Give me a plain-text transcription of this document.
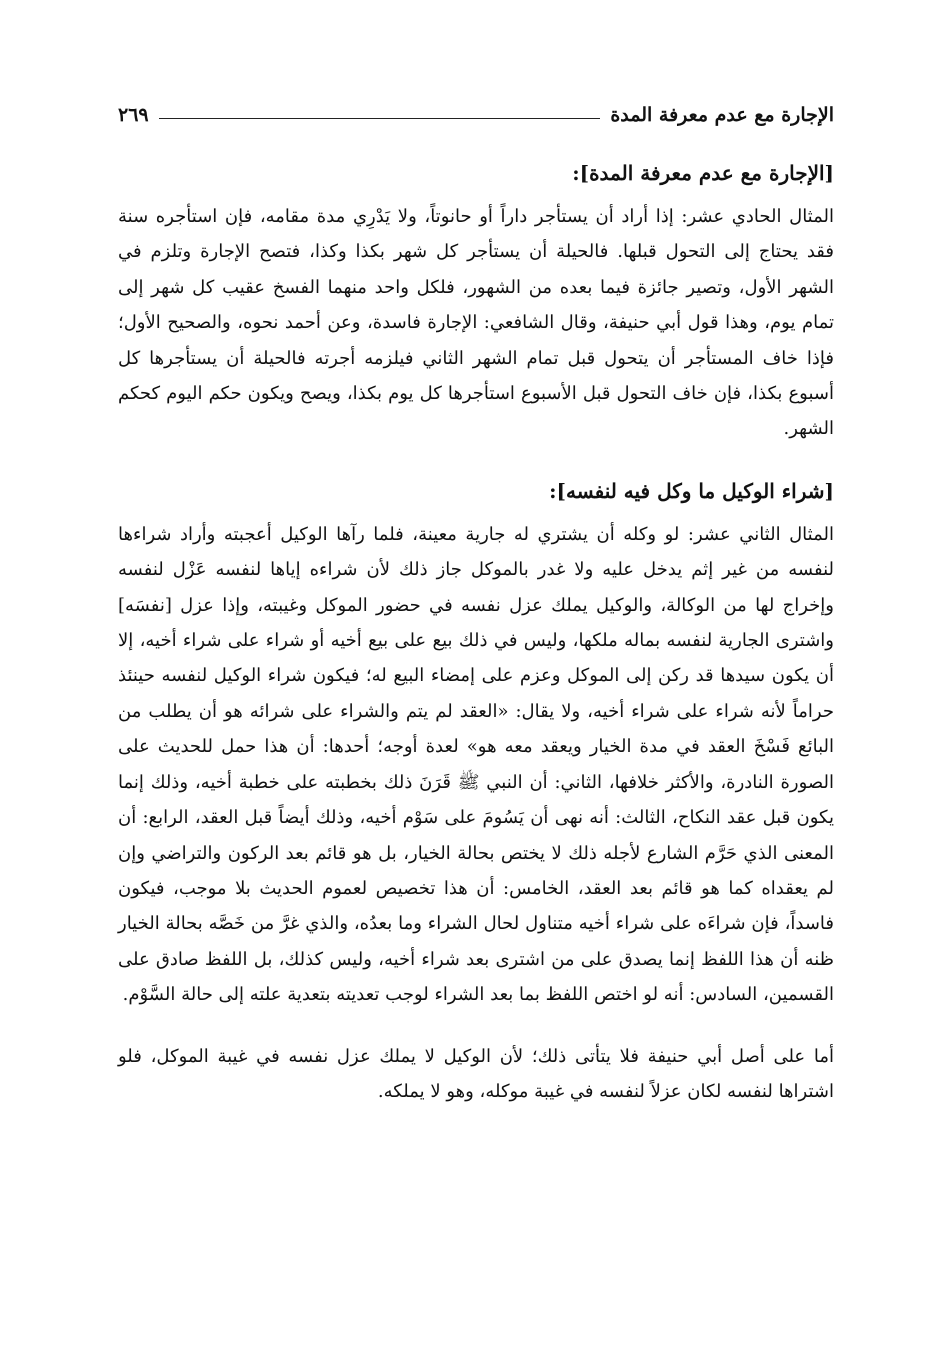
الإجارة مع عدم معرفة المدة
٢٦٩
[الإجارة مع عدم معرفة المدة]:

المثال الحادي عشر: إذا أراد أن يستأجر داراً أو حانوتاً، ولا يَدْرِي مدة مقامه، فإن استأجره سنة فقد يحتاج إلى التحول قبلها. فالحيلة أن يستأجر كل شهر بكذا وكذا، فتصح الإجارة وتلزم في الشهر الأول، وتصير جائزة فيما بعده من الشهور، فلكل واحد منهما الفسخ عقيب كل شهر إلى تمام يوم، وهذا قول أبي حنيفة، وقال الشافعي: الإجارة فاسدة، وعن أحمد نحوه، والصحيح الأول؛ فإذا خاف المستأجر أن يتحول قبل تمام الشهر الثاني فيلزمه أجرته فالحيلة أن يستأجرها كل أسبوع بكذا، فإن خاف التحول قبل الأسبوع استأجرها كل يوم بكذا، ويصح ويكون حكم اليوم كحكم الشهر.

[شراء الوكيل ما وكل فيه لنفسه]:

المثال الثاني عشر: لو وكله أن يشتري له جارية معينة، فلما رآها الوكيل أعجبته وأراد شراءها لنفسه من غير إثم يدخل عليه ولا غدر بالموكل جاز ذلك لأن شراءه إياها لنفسه عَزْل لنفسه وإخراج لها من الوكالة، والوكيل يملك عزل نفسه في حضور الموكل وغيبته، وإذا عزل [نفسَه] واشترى الجارية لنفسه بماله ملكها، وليس في ذلك بيع على بيع أخيه أو شراء على شراء أخيه، إلا أن يكون سيدها قد ركن إلى الموكل وعزم على إمضاء البيع له؛ فيكون شراء الوكيل لنفسه حينئذ حراماً لأنه شراء على شراء أخيه، ولا يقال: «العقد لم يتم والشراء على شرائه هو أن يطلب من البائع فَسْخَ العقد في مدة الخيار ويعقد معه هو» لعدة أوجه؛ أحدها: أن هذا حمل للحديث على الصورة النادرة، والأكثر خلافها، الثاني: أن النبي ﷺ قَرَنَ ذلك بخطبته على خطبة أخيه، وذلك إنما يكون قبل عقد النكاح، الثالث: أنه نهى أن يَسُومَ على سَوْم أخيه، وذلك أيضاً قبل العقد، الرابع: أن المعنى الذي حَرَّم الشارع لأجله ذلك لا يختص بحالة الخيار، بل هو قائم بعد الركون والتراضي وإن لم يعقداه كما هو قائم بعد العقد، الخامس: أن هذا تخصيص لعموم الحديث بلا موجب، فيكون فاسداً، فإن شراءَه على شراء أخيه متناول لحال الشراء وما بعدُه، والذي غرَّ من خَصَّه بحالة الخيار ظنه أن هذا اللفظ إنما يصدق على من اشترى بعد شراء أخيه، وليس كذلك، بل اللفظ صادق على القسمين، السادس: أنه لو اختص اللفظ بما بعد الشراء لوجب تعديته بتعدية علته إلى حالة السَّوْم.

أما على أصل أبي حنيفة فلا يتأتى ذلك؛ لأن الوكيل لا يملك عزل نفسه في غيبة الموكل، فلو اشتراها لنفسه لكان عزلاً لنفسه في غيبة موكله، وهو لا يملكه.
